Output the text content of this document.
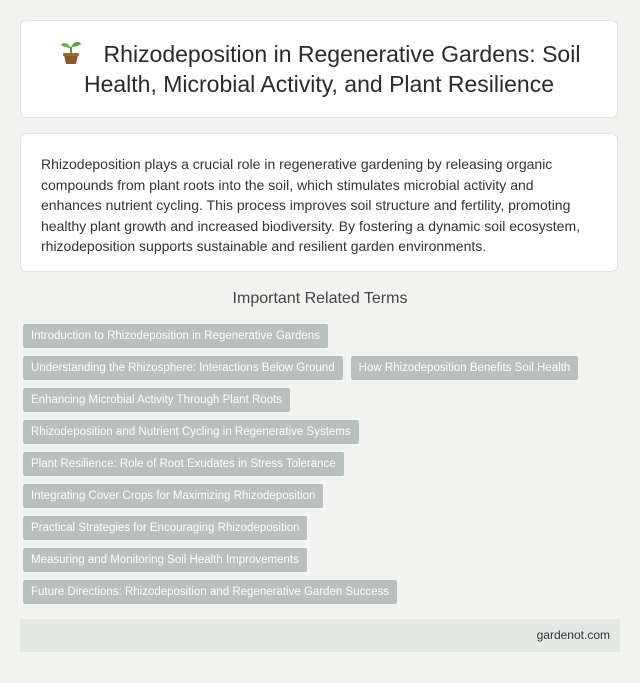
Rhizodeposition in Regenerative Gardens: Soil Health, Microbial Activity, and Plant Resilience

Rhizodeposition plays a crucial role in regenerative gardening by releasing organic compounds from plant roots into the soil, which stimulates microbial activity and enhances nutrient cycling. This process improves soil structure and fertility, promoting healthy plant growth and increased biodiversity. By fostering a dynamic soil ecosystem, rhizodeposition supports sustainable and resilient garden environments.

Important Related Terms
Introduction to Rhizodeposition in Regenerative Gardens
Understanding the Rhizosphere: Interactions Below Ground	How Rhizodeposition Benefits Soil Health
Enhancing Microbial Activity Through Plant Roots
Rhizodeposition and Nutrient Cycling in Regenerative Systems
Plant Resilience: Role of Root Exudates in Stress Tolerance
Integrating Cover Crops for Maximizing Rhizodeposition
Practical Strategies for Encouraging Rhizodeposition
Measuring and Monitoring Soil Health Improvements
Future Directions: Rhizodeposition and Regenerative Garden Success
gardenot.com
